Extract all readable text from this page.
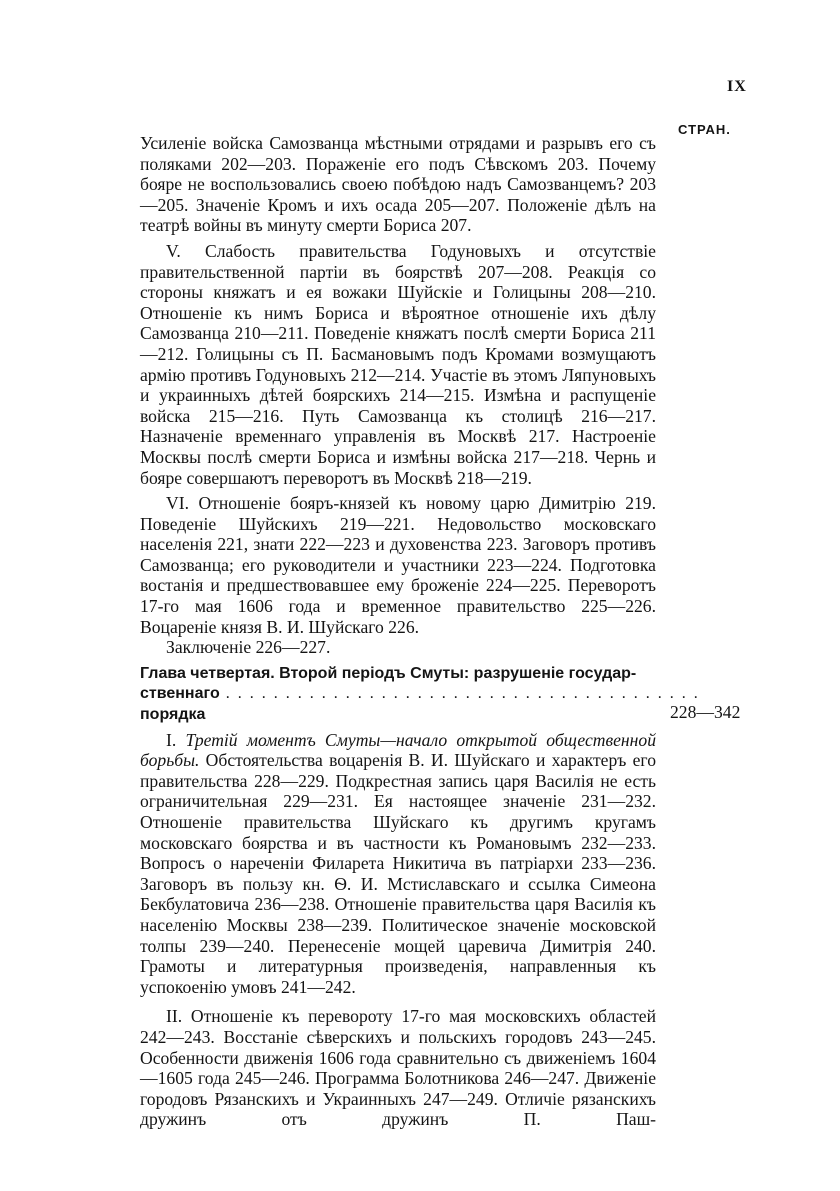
IX
СТРАН.

Усиленіе войска Самозванца мѣстными отрядами и разрывъ его съ поляками 202—203. Пораженіе его подъ Сѣвскомъ 203. Почему бояре не воспользовались своею побѣдою надъ Самозванцемъ? 203—205. Значеніе Кромъ и ихъ осада 205—207. Положеніе дѣлъ на театрѣ войны въ минуту смерти Бориса 207.

V. Слабость правительства Годуновыхъ и отсутствіе правительственной партіи въ боярствѣ 207—208. Реакція со стороны княжатъ и ея вожаки Шуйскіе и Голицыны 208—210. Отношеніе къ нимъ Бориса и вѣроятное отношеніе ихъ дѣлу Самозванца 210—211. Поведеніе княжатъ послѣ смерти Бориса 211—212. Голицыны съ П. Басмановымъ подъ Кромами возмущаютъ армію противъ Годуновыхъ 212—214. Участіе въ этомъ Ляпуновыхъ и украинныхъ дѣтей боярскихъ 214—215. Измѣна и распущеніе войска 215—216. Путь Самозванца къ столицѣ 216—217. Назначеніе временнаго управленія въ Москвѣ 217. Настроеніе Москвы послѣ смерти Бориса и измѣны войска 217—218. Чернь и бояре совершаютъ переворотъ въ Москвѣ 218—219.

VI. Отношеніе бояръ-князей къ новому царю Димитрію 219. Поведеніе Шуйскихъ 219—221. Недовольство московскаго населенія 221, знати 222—223 и духовенства 223. Заговоръ противъ Самозванца; его руководители и участники 223—224. Подготовка востанія и предшествовавшее ему броженіе 224—225. Переворотъ 17-го мая 1606 года и временное правительство 225—226. Воцареніе князя В. И. Шуйскаго 226.

Заключеніе 226—227.

Глава четвертая. Второй періодъ Смуты: разрушеніе государ-
ственнаго порядка
. . . . . . . . . . . . . . . . . . . . . . . . . . . . . . . . . . . . . . . .

I. Третій моментъ Смуты—начало открытой общественной борьбы. Обстоятельства воцаренія В. И. Шуйскаго и характеръ его правительства 228—229. Подкрестная запись царя Василія не есть ограничительная 229—231. Ея настоящее значеніе 231—232. Отношеніе правительства Шуйскаго къ другимъ кругамъ московскаго боярства и въ частности къ Романовымъ 232—233. Вопросъ о нареченіи Филарета Никитича въ патріархи 233—236. Заговоръ въ пользу кн. Ѳ. И. Мстиславскаго и ссылка Симеона Бекбулатовича 236—238. Отношеніе правительства царя Василія къ населенію Москвы 238—239. Политическое значеніе московской толпы 239—240. Перенесеніе мощей царевича Димитрія 240. Грамоты и литературныя произведенія, направленныя къ успокоенію умовъ 241—242.

II. Отношеніе къ перевороту 17-го мая московскихъ областей 242—243. Восстаніе сѣверскихъ и польскихъ городовъ 243—245. Особенности движенія 1606 года сравнительно съ движеніемъ 1604—1605 года 245—246. Программа Болотникова 246—247. Движеніе городовъ Рязанскихъ и Украинныхъ 247—249. Отличіе рязанскихъ дружинъ отъ дружинъ П. Паш-

228—342
